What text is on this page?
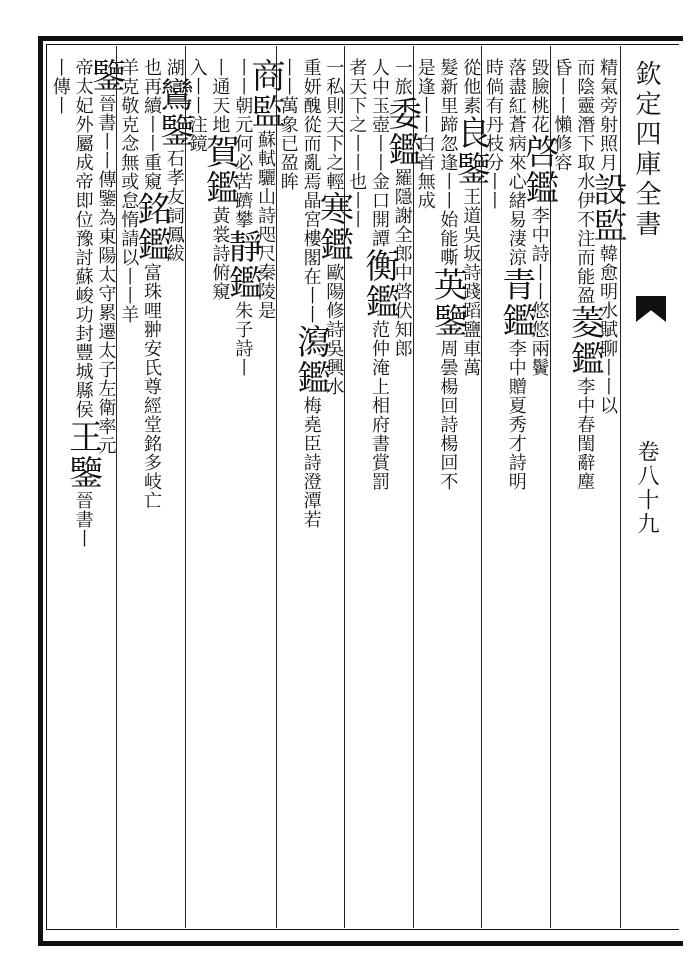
精氣旁射照月設監韓愈明水賦聊丨丨以
而陰靈潛下取水伊不注而能盈菱鑑李中春閨辭塵
昏丨丨懶修容
毀臉桃花啓鑑李中詩丨丨悠悠兩鬢
落盡紅蒼病來心緒易淒涼青鑑李中贈夏秀才詩明
時倘有丹枝分丨丨
從他素良鑒王道吳坂詩踐蹈鹽車萬
髮新里蹄忽逢丨丨始能嘶英鑒周曇楊回詩楊回不
是逢丨丨白首無成
一旅委鑑羅隱謝全郎中啓伏知郎
人中玉壺丨丨金口開譚衡鑑范仲淹上相府書賞罰
者天下之丨丨也丨丨
一私則天下之輕寒鑑歐陽修詩吳興水
重妍醜從而亂焉晶宮樓閣在丨丨瀉鑑梅堯臣詩澄潭若
丨丨萬象已盈眸
商監蘇軾驪山詩咫尺秦陵是
丨丨朝元何必苦躋攀靜鑑朱子詩丨
丨通天地賀鑑黃裳詩俯窺
入丨丨注鏡
湖鸞鑒石孝友詞鳳紱
也再續丨丨重窺銘鑑富珠哩翀安氏尊經堂銘多岐亡
羊克敬克念無或怠惰請以丨丨羊
鑒晉書丨丨傳鑒為東陽太守累遷太子左衛率元
帝太妃外屬成帝即位豫討蘇峻功封豐城縣侯王鑒晉書丨
丨傳丨	欽定四庫全書
卷八十九
